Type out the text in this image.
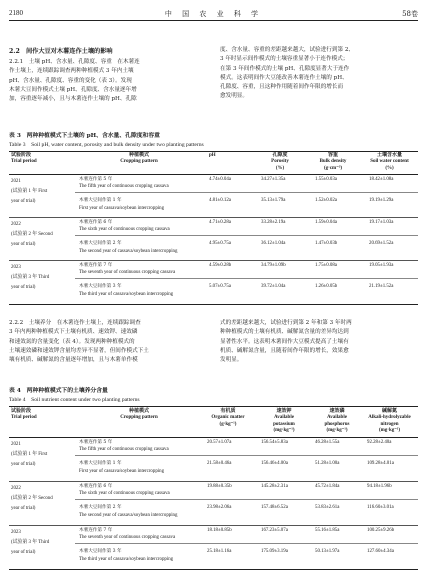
2180	中 国 农 业 科 学	58卷
2.2　间作大豆对木薯连作土壤的影响
2.2.1　土壤 pH、含水量、孔隙度、容重　在木薯连
作土壤上，连续跟踪调查两种种植模式 3 年内土壤
pH、含水量、孔隙度、容重的变化（表 3）。发现
木薯大豆间作模式土壤 pH、孔隙度、含水量逐年增
加，容重逐年减小，且与木薯连作土壤的 pH、孔隙
度、含水量、容重的差距越来越大，试验进行到第 2、
3 年时显示间作模式的土壤容重显著小于连作模式；
在第 3 年间作模式的土壤 pH、孔隙度显著大于连作
模式。这表明间作大豆能改善木薯连作土壤的 pH、
孔隙度、容重，且这种作用随着间作年限的增长而
愈发明显。
表 3　两种种植模式下土壤的 pH、含水量、孔隙度和容重
Table 3　Soil pH, water content, porosity and bulk density under two planting patterns
试验阶段
Trial period
种植模式
Cropping pattern
pH	孔隙度
Porosity
(%)
容重
Bulk density
(g·cm⁻³)
土壤含水量
Soil water content
(%)
2021
(试验第 1 年 First
year of trial)
木薯连作第 5 年
The fifth year of continuous cropping cassava
4.74±0.04a	34.27±1.35a	1.55±0.03a	18.42±1.08a
木薯大豆间作第 1 年
First year of cassava/soybean intercropping
4.81±0.12a	35.13±1.79a	1.52±0.02a	19.19±1.29a
2022
(试验第 2 年 Second
year of trial)
木薯连作第 6 年
The sixth year of continuous cropping cassava
4.71±0.28a	33.28±2.19a	1.59±0.04a	19.17±1.03a
木薯大豆间作第 2 年
The second year of cassava/soybean intercropping
4.95±0.75a	36.12±1.04a	1.47±0.03b	20.69±1.52a
2023
(试验第 3 年 Third
year of trial)
木薯连作第 7 年
The seventh year of continuous cropping cassava
4.59±0.28b	34.79±1.09b	1.75±0.08a	19.05±1.93a
木薯大豆间作第 3 年
The third year of cassava/soybean intercropping
5.07±0.75a	39.72±1.04a	1.26±0.05b	21.19±1.52a
2.2.2　土壤养分　在木薯连作土壤上，连续跟踪调查
3 年内两种种植模式下土壤有机质、速效钾、速效磷
和速效氮的含量变化（表 4）。发现两种种植模式的
土壤速效磷和速效钾含量均差异不显著，但间作模式下土
壤有机质、碱解氮的含量逐年增加，且与木薯单作模
式的差距越来越大，试验进行到第 2 年和第 3 年时两
种种植模式的土壤有机质、碱解氮含量的差异均达到
显著性水平。这表明木薯间作大豆模式提高了土壤有
机质、碱解氮含量，且随着间作年限的增长，效果愈
发明显。
表 4　两种种植模式下的土壤养分含量
Table 4　Soil nutrient content under two planting patterns
试验阶段
Trial period
种植模式
Cropping pattern
有机质
Organic matter
(g·kg⁻¹)
速效钾
Available
potassium
(mg·kg⁻¹)
速效磷
Available
phosphorus
(mg·kg⁻¹)
碱解氮
Alkali-hydrolyzable
nitrogen
(mg·kg⁻¹)
2021
(试验第 1 年 First
year of trial)
木薯连作第 5 年
The fifth year of continuous cropping cassava
20.57±1.07a	156.54±5.83a	46.28±1.55a	92.28±2.40a
木薯大豆间作第 1 年
First year of cassava/soybean intercropping
21.58±0.46a	156.46±4.00a	51.28±1.00a	109.28±4.01a
2022
(试验第 2 年 Second
year of trial)
木薯连作第 6 年
The sixth year of continuous cropping cassava
19.88±0.35b	145.28±2.31a	45.72±1.84a	94.18±1.96b
木薯大豆间作第 2 年
The second year of cassava/soybean intercropping
23.98±2.06a	157.48±6.52a	53.83±2.61a	116.60±3.01a
2023
(试验第 3 年 Third
year of trial)
木薯连作第 7 年
The seventh year of continuous cropping cassava
18.18±0.85b	167.23±5.07a	55.16±1.85a	100.25±9.26b
木薯大豆间作第 3 年
The third year of cassava/soybean intercropping
25.18±1.16a	175.09±3.19a	50.13±1.97a	127.60±4.34a
